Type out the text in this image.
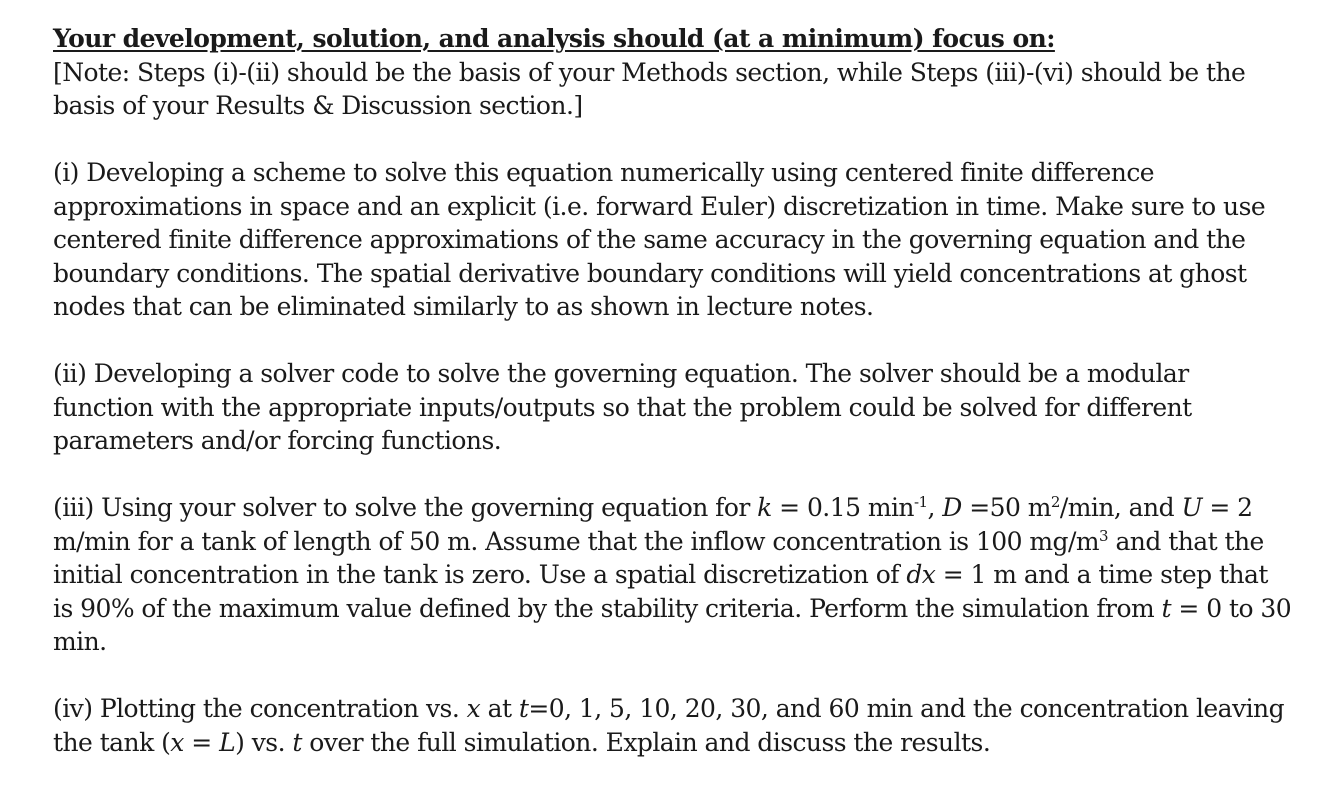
Your development, solution, and analysis should (at a minimum) focus on:

[Note: Steps (i)-(ii) should be the basis of your Methods section, while Steps (iii)-(vi) should be the basis of your Results & Discussion section.]

(i) Developing a scheme to solve this equation numerically using centered finite difference approximations in space and an explicit (i.e. forward Euler) discretization in time. Make sure to use centered finite difference approximations of the same accuracy in the governing equation and the boundary conditions. The spatial derivative boundary conditions will yield concentrations at ghost nodes that can be eliminated similarly to as shown in lecture notes.

(ii) Developing a solver code to solve the governing equation. The solver should be a modular function with the appropriate inputs/outputs so that the problem could be solved for different parameters and/or forcing functions.

(iii) Using your solver to solve the governing equation for k = 0.15 $\min^{-1}$, D =50 $m^2/\min$, and U = 2 m/min for a tank of length of 50 m. Assume that the inflow concentration is 100 $mg/m^3$ and that the initial concentration in the tank is zero. Use a spatial discretization of dx = 1 m and a time step that is 90% of the maximum value defined by the stability criteria. Perform the simulation from t = 0 to 30 min.

(iv) Plotting the concentration vs. x at t=0, 1, 5, 10, 20, 30, and 60 min and the concentration leaving the tank (x = L) vs. t over the full simulation. Explain and discuss the results.
